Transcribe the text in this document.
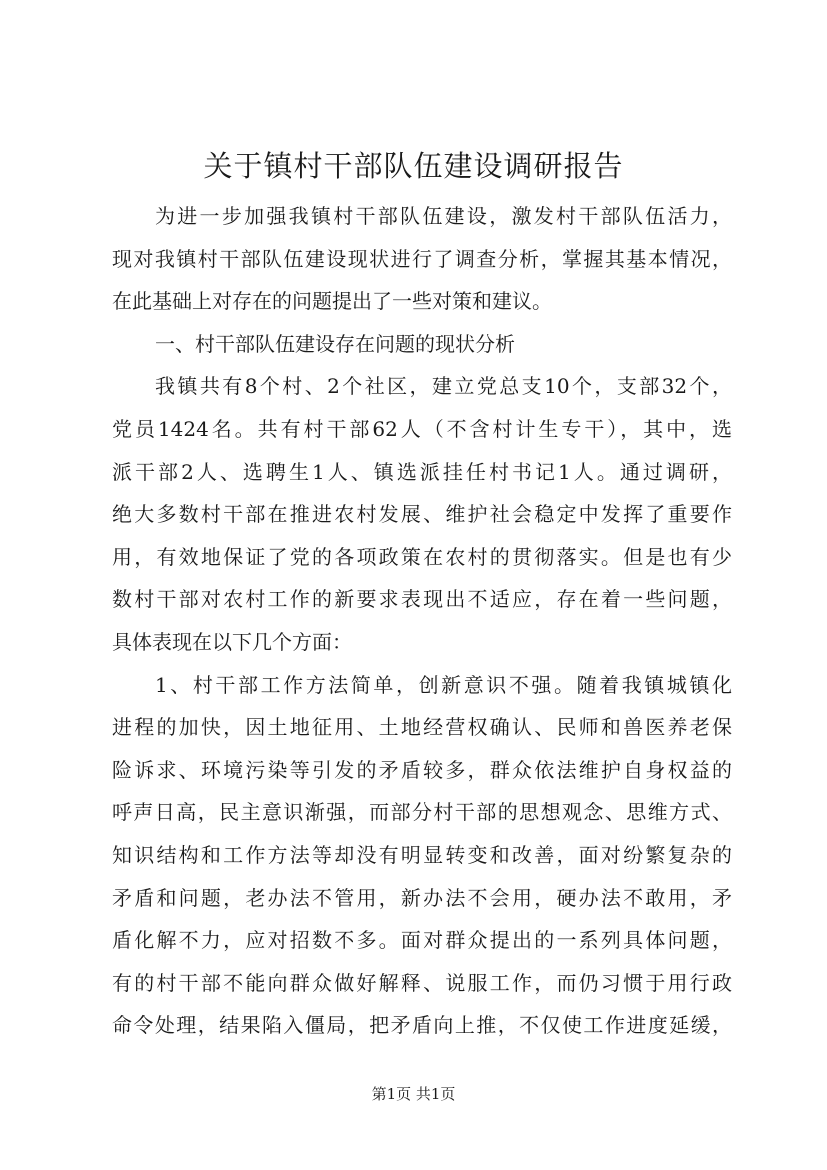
关于镇村干部队伍建设调研报告
为进一步加强我镇村干部队伍建设，激发村干部队伍活力，
现对我镇村干部队伍建设现状进行了调查分析，掌握其基本情况，
在此基础上对存在的问题提出了一些对策和建议。
一、村干部队伍建设存在问题的现状分析
我镇共有8个村、2个社区，建立党总支10个，支部32个，
党员1424名。共有村干部62人（不含村计生专干），其中，选
派干部2人、选聘生1人、镇选派挂任村书记1人。通过调研，
绝大多数村干部在推进农村发展、维护社会稳定中发挥了重要作
用，有效地保证了党的各项政策在农村的贯彻落实。但是也有少
数村干部对农村工作的新要求表现出不适应，存在着一些问题，
具体表现在以下几个方面：
1、村干部工作方法简单，创新意识不强。随着我镇城镇化
进程的加快，因土地征用、土地经营权确认、民师和兽医养老保
险诉求、环境污染等引发的矛盾较多，群众依法维护自身权益的
呼声日高，民主意识渐强，而部分村干部的思想观念、思维方式、
知识结构和工作方法等却没有明显转变和改善，面对纷繁复杂的
矛盾和问题，老办法不管用，新办法不会用，硬办法不敢用，矛
盾化解不力，应对招数不多。面对群众提出的一系列具体问题，
有的村干部不能向群众做好解释、说服工作，而仍习惯于用行政
命令处理，结果陷入僵局，把矛盾向上推，不仅使工作进度延缓，
第1页 共1页
